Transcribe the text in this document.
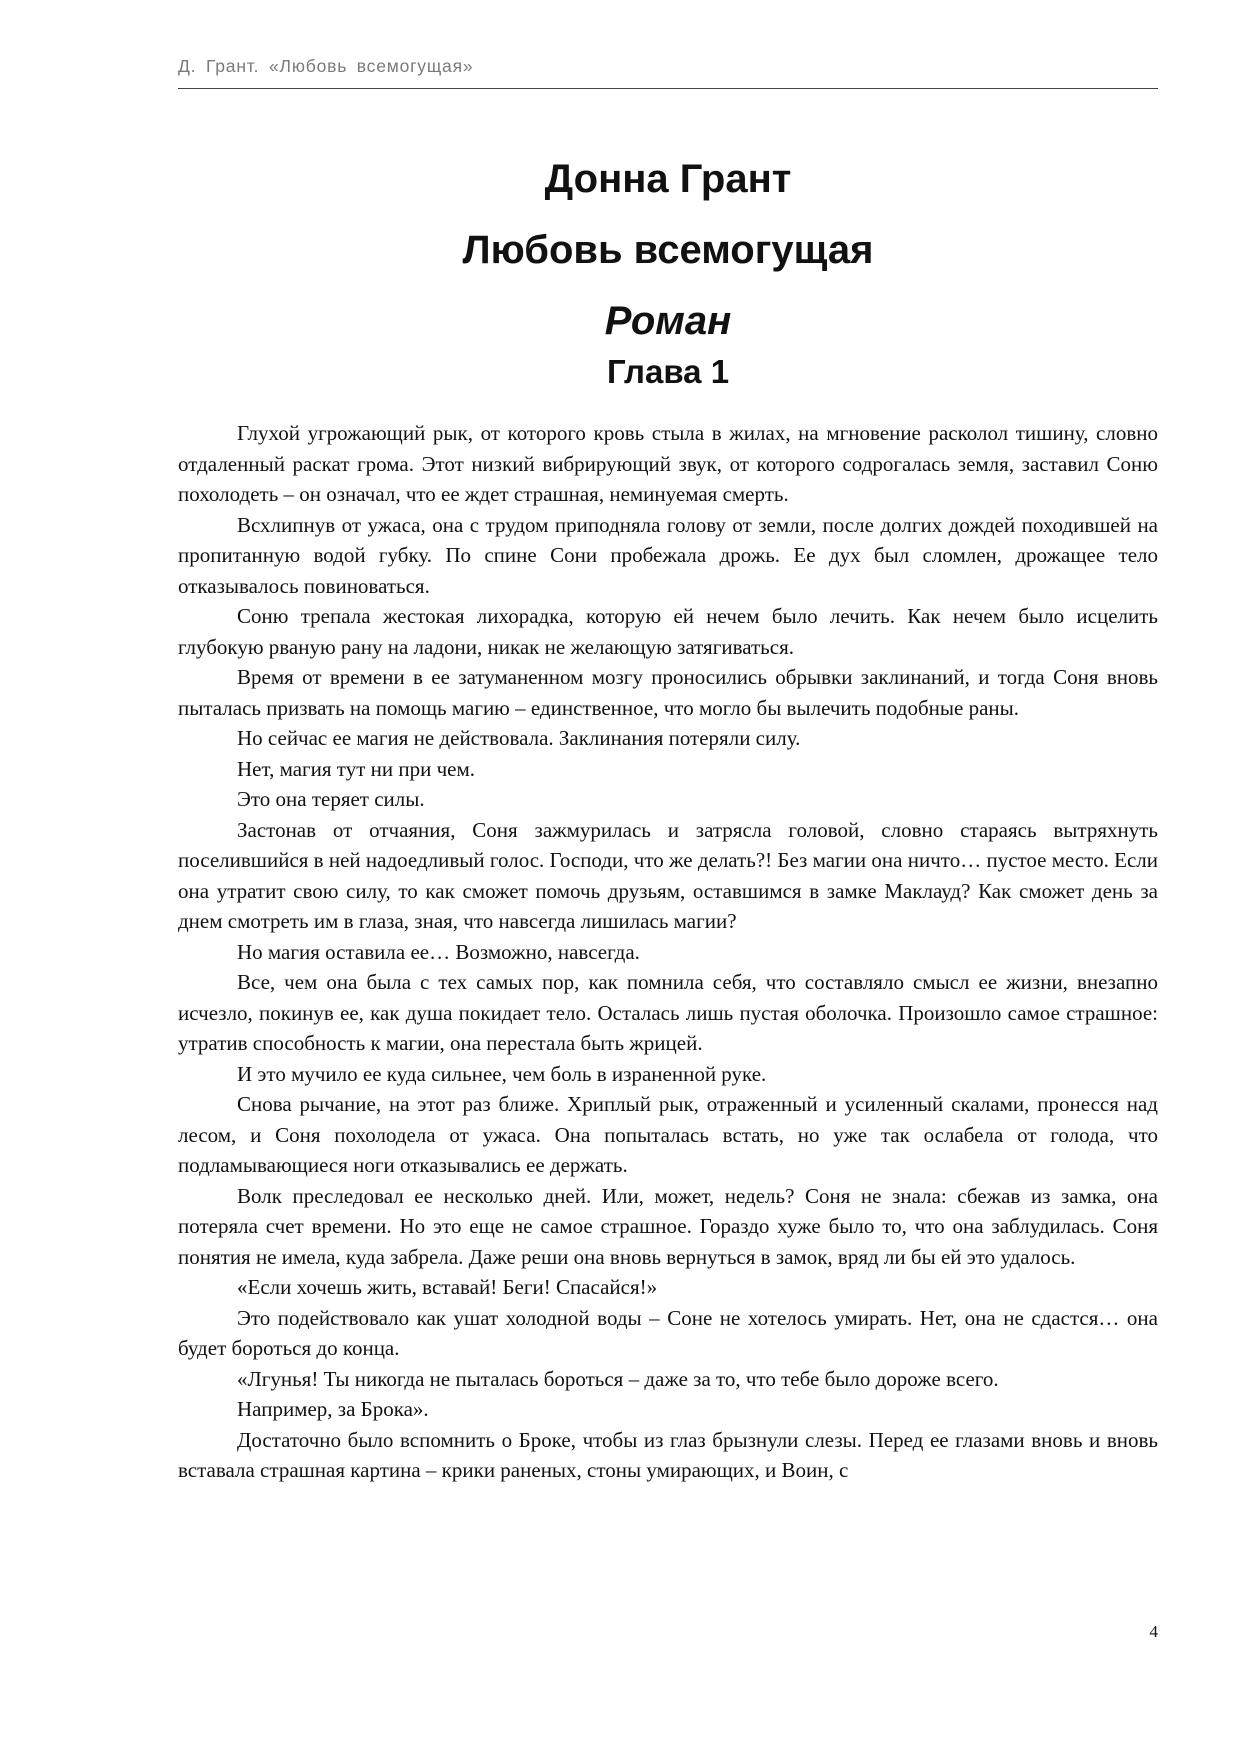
Д. Грант. «Любовь всемогущая»
Донна Грант
Любовь всемогущая
Роман
Глава 1

Глухой угрожающий рык, от которого кровь стыла в жилах, на мгновение расколол тишину, словно отдаленный раскат грома. Этот низкий вибрирующий звук, от которого содрогалась земля, заставил Соню похолодеть – он означал, что ее ждет страшная, неминуемая смерть.

Всхлипнув от ужаса, она с трудом приподняла голову от земли, после долгих дождей походившей на пропитанную водой губку. По спине Сони пробежала дрожь. Ее дух был сломлен, дрожащее тело отказывалось повиноваться.

Соню трепала жестокая лихорадка, которую ей нечем было лечить. Как нечем было исцелить глубокую рваную рану на ладони, никак не желающую затягиваться.

Время от времени в ее затуманенном мозгу проносились обрывки заклинаний, и тогда Соня вновь пыталась призвать на помощь магию – единственное, что могло бы вылечить подобные раны.

Но сейчас ее магия не действовала. Заклинания потеряли силу.

Нет, магия тут ни при чем.

Это она теряет силы.

Застонав от отчаяния, Соня зажмурилась и затрясла головой, словно стараясь вытряхнуть поселившийся в ней надоедливый голос. Господи, что же делать?! Без магии она ничто… пустое место. Если она утратит свою силу, то как сможет помочь друзьям, оставшимся в замке Маклауд? Как сможет день за днем смотреть им в глаза, зная, что навсегда лишилась магии?

Но магия оставила ее… Возможно, навсегда.

Все, чем она была с тех самых пор, как помнила себя, что составляло смысл ее жизни, внезапно исчезло, покинув ее, как душа покидает тело. Осталась лишь пустая оболочка. Произошло самое страшное: утратив способность к магии, она перестала быть жрицей.

И это мучило ее куда сильнее, чем боль в израненной руке.

Снова рычание, на этот раз ближе. Хриплый рык, отраженный и усиленный скалами, пронесся над лесом, и Соня похолодела от ужаса. Она попыталась встать, но уже так ослабела от голода, что подламывающиеся ноги отказывались ее держать.

Волк преследовал ее несколько дней. Или, может, недель? Соня не знала: сбежав из замка, она потеряла счет времени. Но это еще не самое страшное. Гораздо хуже было то, что она заблудилась. Соня понятия не имела, куда забрела. Даже реши она вновь вернуться в замок, вряд ли бы ей это удалось.

«Если хочешь жить, вставай! Беги! Спасайся!»

Это подействовало как ушат холодной воды – Соне не хотелось умирать. Нет, она не сдастся… она будет бороться до конца.

«Лгунья! Ты никогда не пыталась бороться – даже за то, что тебе было дороже всего.

Например, за Брока».

Достаточно было вспомнить о Броке, чтобы из глаз брызнули слезы. Перед ее глазами вновь и вновь вставала страшная картина – крики раненых, стоны умирающих, и Воин, с

4
